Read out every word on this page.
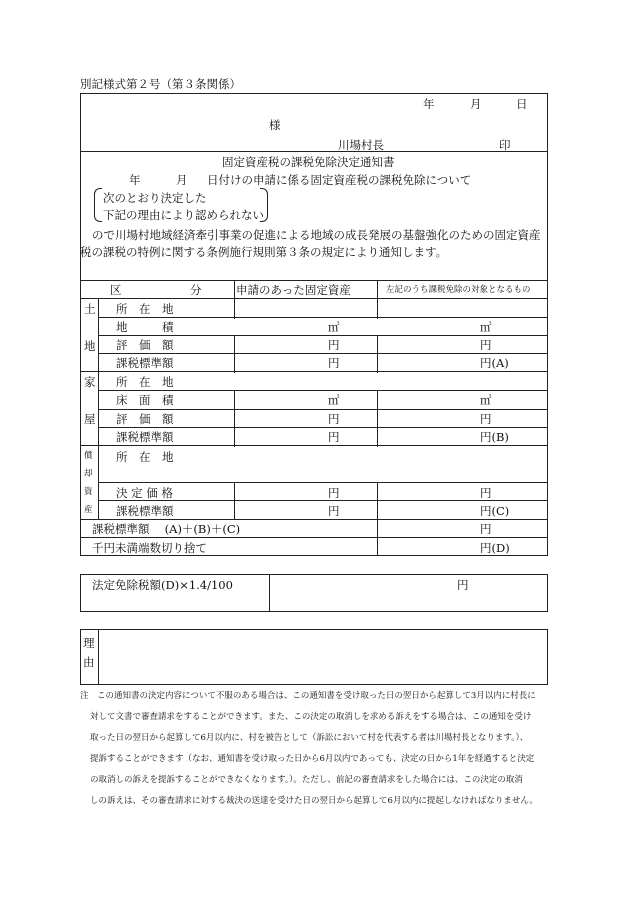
別記様式第２号（第３条関係）
年	月	日
様
川場村長	印
固定資産税の課税免除決定通知書
年	月 日付けの申請に係る固定資産税の課税免除について
次のとおり決定した
下記の理由により認められない
ので川場村地域経済牽引事業の促進による地域の成長発展の基盤強化のための固定資産
税の課税の特例に関する条例施行規則第３条の規定により通知します。
区	分	申請のあった固定資産	左記のうち課税免除の対象となるもの
土
地
所　在　地
地　　　積	㎡	㎡
評　価　額	円	円
課税標準額	円	円(A)
家
屋
所　在　地
床　面　積	㎡	㎡
評　価　額	円	円
課税標準額	円	円(B)
償
却
資
産
所　在　地
決 定 価 格	円	円
課税標準額	円	円(C)
課税標準額　 (A)＋(B)＋(C)	円
千円未満端数切り捨て	円(D)
法定免除税額(D)×1.4/100	円
理
由

注　この通知書の決定内容について不服のある場合は、この通知書を受け取った日の翌日から起算して3月以内に村長に

対して文書で審査請求をすることができます。また、この決定の取消しを求める訴えをする場合は、この通知を受け

取った日の翌日から起算して6月以内に、村を被告として（訴訟において村を代表する者は川場村長となります。）、

提訴することができます（なお、通知書を受け取った日から6月以内であっても、決定の日から1年を経過すると決定

の取消しの訴えを提訴することができなくなります。）。ただし、前記の審査請求をした場合には、この決定の取消

しの訴えは、その審査請求に対する裁決の送達を受けた日の翌日から起算して6月以内に提起しなければなりません。
